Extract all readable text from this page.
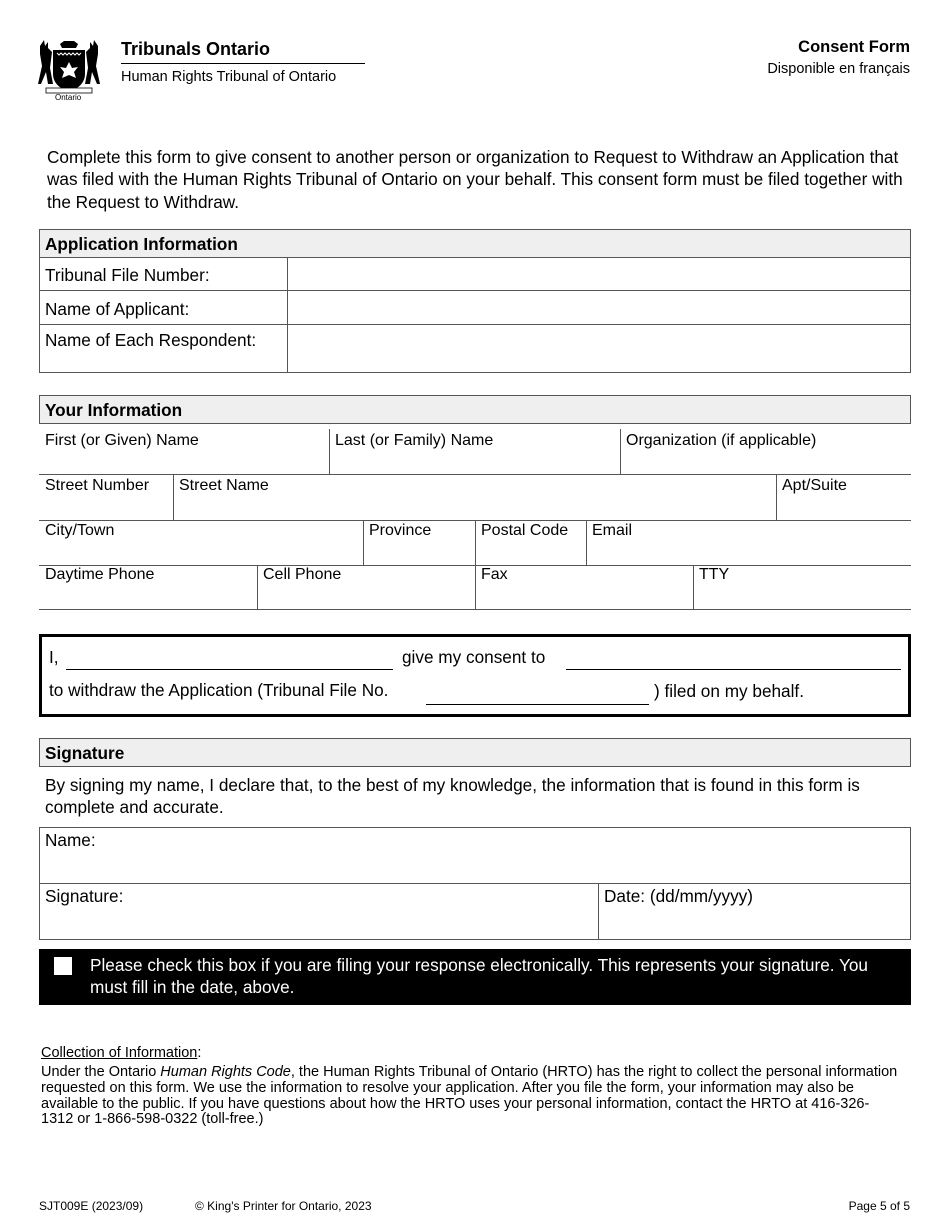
Ontario
Tribunals Ontario
Human Rights Tribunal of Ontario
Consent Form
Disponible en français
Complete this form to give consent to another person or organization to Request to Withdraw an Application that was filed with the Human Rights Tribunal of Ontario on your behalf. This consent form must be filed together with the Request to Withdraw.
Application Information
Tribunal File Number:
Name of Applicant:
Name of Each Respondent:
Your Information
First (or Given) Name	Last (or Family) Name	Organization (if applicable)
Street Number	Street Name	Apt/Suite
City/Town	Province	Postal Code	Email
Daytime Phone	Cell Phone	Fax	TTY
I,	give my consent to
to withdraw the Application (Tribunal File No.	) filed on my behalf.
Signature
By signing my name, I declare that, to the best of my knowledge, the information that is found in this form is complete and accurate.
Name:
Signature:	Date: (dd/mm/yyyy)
Please check this box if you are filing your response electronically. This represents your signature. You must fill in the date, above.
Collection of Information:
Under the Ontario Human Rights Code, the Human Rights Tribunal of Ontario (HRTO) has the right to collect the personal information requested on this form. We use the information to resolve your application. After you file the form, your information may also be available to the public. If you have questions about how the HRTO uses your personal information, contact the HRTO at 416-326-1312 or 1-866-598-0322 (toll-free.)
SJT009E (2023/09)	© King's Printer for Ontario, 2023	Page 5 of 5
